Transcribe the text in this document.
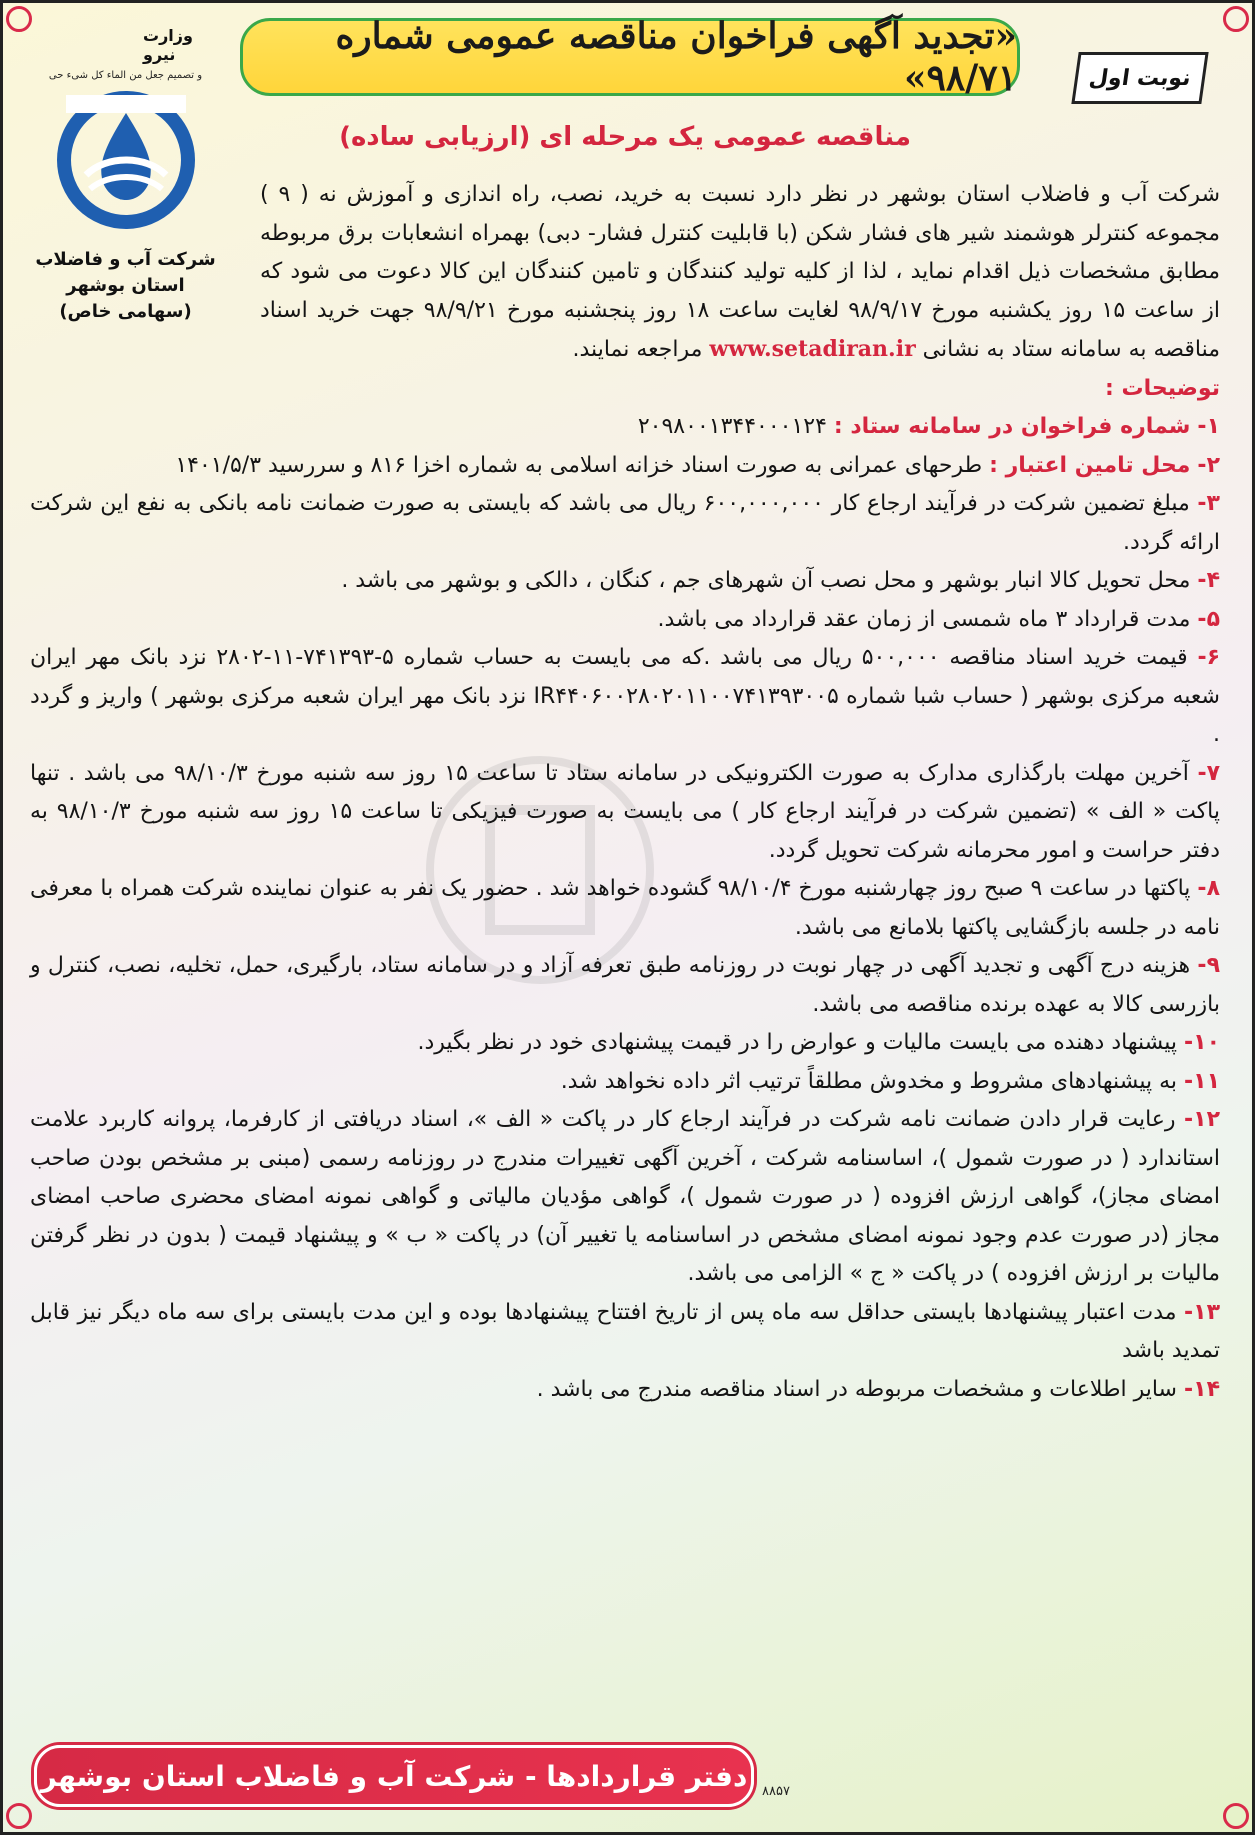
وزارت نیرو
و تصمیم جعل من الماء کل شیء حی
شرکت آب و فاضلاب
استان بوشهر
(سهامی خاص)
«تجدید آگهی فراخوان مناقصه عمومی شماره ۹۸/۷۱»	نوبت اول
مناقصه عمومی یک مرحله ای (ارزیابی ساده)

شرکت آب و فاضلاب استان بوشهر در نظر دارد نسبت به خرید، نصب، راه اندازی و آموزش نه ( ۹ ) مجموعه کنترلر هوشمند شیر های فشار شکن (با قابلیت کنترل فشار- دبی) بهمراه انشعابات برق مربوطه مطابق مشخصات ذیل اقدام نماید ، لذا از کلیه تولید کنندگان و تامین کنندگان این کالا دعوت می شود که از ساعت ۱۵ روز یکشنبه مورخ ۹۸/۹/۱۷ لغایت ساعت ۱۸ روز پنجشنبه مورخ ۹۸/۹/۲۱ جهت خرید اسناد مناقصه به سامانه ستاد به نشانی www.setadiran.ir مراجعه نمایند.

توضیحات :

۱- شماره فراخوان در سامانه ستاد : ۲۰۹۸۰۰۱۳۴۴۰۰۰۱۲۴

۲- محل تامین اعتبار : طرحهای عمرانی به صورت اسناد خزانه اسلامی به شماره اخزا ۸۱۶ و سررسید ۱۴۰۱/۵/۳

۳- مبلغ تضمین شرکت در فرآیند ارجاع کار ۶۰۰,۰۰۰,۰۰۰ ریال می باشد که بایستی به صورت ضمانت نامه بانکی به نفع این شرکت ارائه گردد.

۴- محل تحویل کالا انبار بوشهر و محل نصب آن شهرهای جم ، کنگان ، دالکی و بوشهر می باشد .

۵- مدت قرارداد ۳ ماه شمسی از زمان عقد قرارداد می باشد.

۶- قیمت خرید اسناد مناقصه ۵۰۰,۰۰۰ ریال می باشد .که می بایست به حساب شماره ۵-۷۴۱۳۹۳-۱۱-۲۸۰۲ نزد بانک مهر ایران شعبه مرکزی بوشهر ( حساب شبا شماره IR۴۴۰۶۰۰۲۸۰۲۰۱۱۰۰۷۴۱۳۹۳۰۰۵ نزد بانک مهر ایران شعبه مرکزی بوشهر ) واریز و گردد .

۷- آخرین مهلت بارگذاری مدارک به صورت الکترونیکی در سامانه ستاد تا ساعت ۱۵ روز سه شنبه مورخ ۹۸/۱۰/۳ می باشد . تنها پاکت « الف » (تضمین شرکت در فرآیند ارجاع کار ) می بایست به صورت فیزیکی تا ساعت ۱۵ روز سه شنبه مورخ ۹۸/۱۰/۳ به دفتر حراست و امور محرمانه شرکت تحویل گردد.

۸- پاکتها در ساعت ۹ صبح روز چهارشنبه مورخ ۹۸/۱۰/۴ گشوده خواهد شد . حضور یک نفر به عنوان نماینده شرکت همراه با معرفی نامه در جلسه بازگشایی پاکتها بلامانع می باشد.

۹- هزینه درج آگهی و تجدید آگهی در چهار نوبت در روزنامه طبق تعرفه آزاد و در سامانه ستاد، بارگیری، حمل، تخلیه، نصب، کنترل و بازرسی کالا به عهده برنده مناقصه می باشد.

۱۰- پیشنهاد دهنده می بایست مالیات و عوارض را در قیمت پیشنهادی خود در نظر بگیرد.

۱۱- به پیشنهادهای مشروط و مخدوش مطلقاً ترتیب اثر داده نخواهد شد.

۱۲- رعایت قرار دادن ضمانت نامه شرکت در فرآیند ارجاع کار در پاکت « الف »، اسناد دریافتی از کارفرما، پروانه کاربرد علامت استاندارد ( در صورت شمول )، اساسنامه شرکت ، آخرین آگهی تغییرات مندرج در روزنامه رسمی (مبنی بر مشخص بودن صاحب امضای مجاز)، گواهی ارزش افزوده ( در صورت شمول )، گواهی مؤدیان مالیاتی و گواهی نمونه امضای محضری صاحب امضای مجاز (در صورت عدم وجود نمونه امضای مشخص در اساسنامه یا تغییر آن) در پاکت « ب » و پیشنهاد قیمت ( بدون در نظر گرفتن مالیات بر ارزش افزوده ) در پاکت « ج » الزامی می باشد.

۱۳- مدت اعتبار پیشنهادها بایستی حداقل سه ماه پس از تاریخ افتتاح پیشنهادها بوده و این مدت بایستی برای سه ماه دیگر نیز قابل تمدید باشد

۱۴- سایر اطلاعات و مشخصات مربوطه در اسناد مناقصه مندرج می باشد .

دفتر قراردادها - شرکت آب و فاضلاب استان بوشهر ۸۸۵۷
